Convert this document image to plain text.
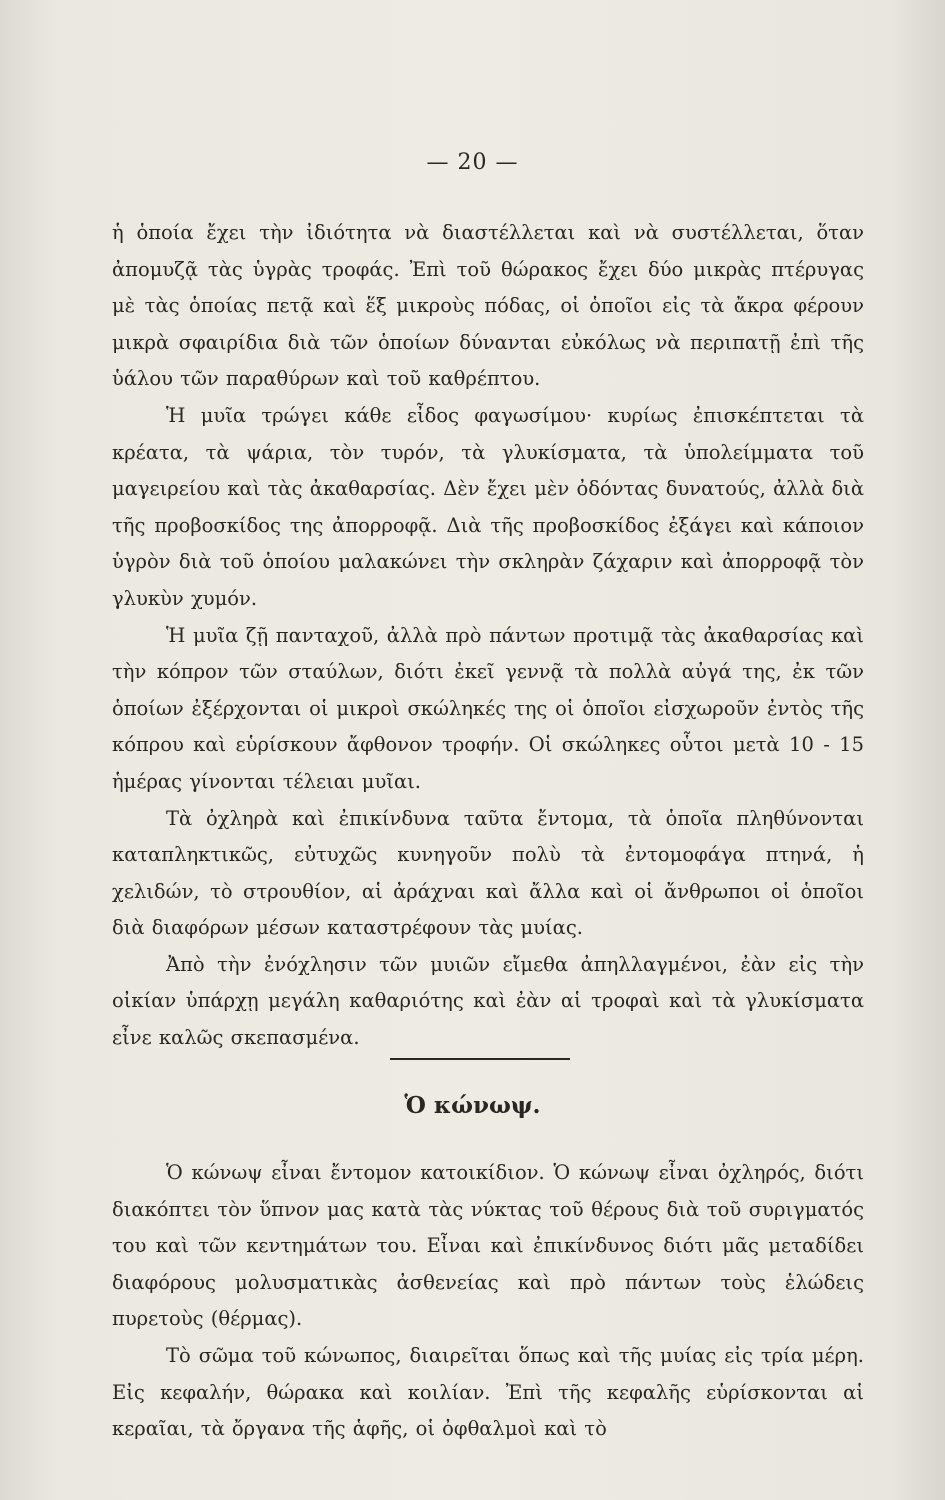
— 20 —

ἡ ὁποία ἔχει τὴν ἰδιότητα νὰ διαστέλλεται καὶ νὰ συστέλλεται, ὅταν ἀπομυζᾷ τὰς ὑγρὰς τροφάς. Ἐπὶ τοῦ θώρακος ἔχει δύο μικρὰς πτέρυγας μὲ τὰς ὁποίας πετᾷ καὶ ἕξ μικροὺς πόδας, οἱ ὁποῖοι εἰς τὰ ἄκρα φέρουν μικρὰ σφαιρίδια διὰ τῶν ὁποίων δύνανται εὐκόλως νὰ περιπατῇ ἐπὶ τῆς ὑάλου τῶν παραθύρων καὶ τοῦ καθρέπτου.

Ἡ μυῖα τρώγει κάθε εἶδος φαγωσίμου· κυρίως ἐπισκέπτεται τὰ κρέατα, τὰ ψάρια, τὸν τυρόν, τὰ γλυκίσματα, τὰ ὑπολείμματα τοῦ μαγειρείου καὶ τὰς ἀκαθαρσίας. Δὲν ἔχει μὲν ὀδόντας δυνατούς, ἀλλὰ διὰ τῆς προβοσκίδος της ἀπορροφᾷ. Διὰ τῆς προβοσκίδος ἐξάγει καὶ κάποιον ὑγρὸν διὰ τοῦ ὁποίου μαλακώνει τὴν σκληρὰν ζάχαριν καὶ ἀπορροφᾷ τὸν γλυκὺν χυμόν.

Ἡ μυῖα ζῇ πανταχοῦ, ἀλλὰ πρὸ πάντων προτιμᾷ τὰς ἀκαθαρσίας καὶ τὴν κόπρον τῶν σταύλων, διότι ἐκεῖ γεννᾷ τὰ πολλὰ αὐγά της, ἐκ τῶν ὁποίων ἐξέρχονται οἱ μικροὶ σκώληκές της οἱ ὁποῖοι εἰσχωροῦν ἐντὸς τῆς κόπρου καὶ εὑρίσκουν ἄφθονον τροφήν. Οἱ σκώληκες οὗτοι μετὰ 10 - 15 ἡμέρας γίνονται τέλειαι μυῖαι.

Τὰ ὀχληρὰ καὶ ἐπικίνδυνα ταῦτα ἔντομα, τὰ ὁποῖα πληθύνονται καταπληκτικῶς, εὐτυχῶς κυνηγοῦν πολὺ τὰ ἐντομοφάγα πτηνά, ἡ χελιδών, τὸ στρουθίον, αἱ ἀράχναι καὶ ἄλλα καὶ οἱ ἄνθρωποι οἱ ὁποῖοι διὰ διαφόρων μέσων καταστρέφουν τὰς μυίας.

Ἀπὸ τὴν ἐνόχλησιν τῶν μυιῶν εἴμεθα ἀπηλλαγμένοι, ἐὰν εἰς τὴν οἰκίαν ὑπάρχῃ μεγάλη καθαριότης καὶ ἐὰν αἱ τροφαὶ καὶ τὰ γλυκίσματα εἶνε καλῶς σκεπασμένα.

Ὁ κώνωψ.

Ὁ κώνωψ εἶναι ἔντομον κατοικίδιον. Ὁ κώνωψ εἶναι ὀχληρός, διότι διακόπτει τὸν ὕπνον μας κατὰ τὰς νύκτας τοῦ θέρους διὰ τοῦ συριγματός του καὶ τῶν κεντημάτων του. Εἶναι καὶ ἐπικίνδυνος διότι μᾶς μεταδίδει διαφόρους μολυσματικὰς ἀσθενείας καὶ πρὸ πάντων τοὺς ἑλώδεις πυρετοὺς (θέρμας).

Τὸ σῶμα τοῦ κώνωπος, διαιρεῖται ὅπως καὶ τῆς μυίας εἰς τρία μέρη. Εἰς κεφαλήν, θώρακα καὶ κοιλίαν. Ἐπὶ τῆς κεφαλῆς εὑρίσκονται αἱ κεραῖαι, τὰ ὄργανα τῆς ἁφῆς, οἱ ὀφθαλμοὶ καὶ τὸ
